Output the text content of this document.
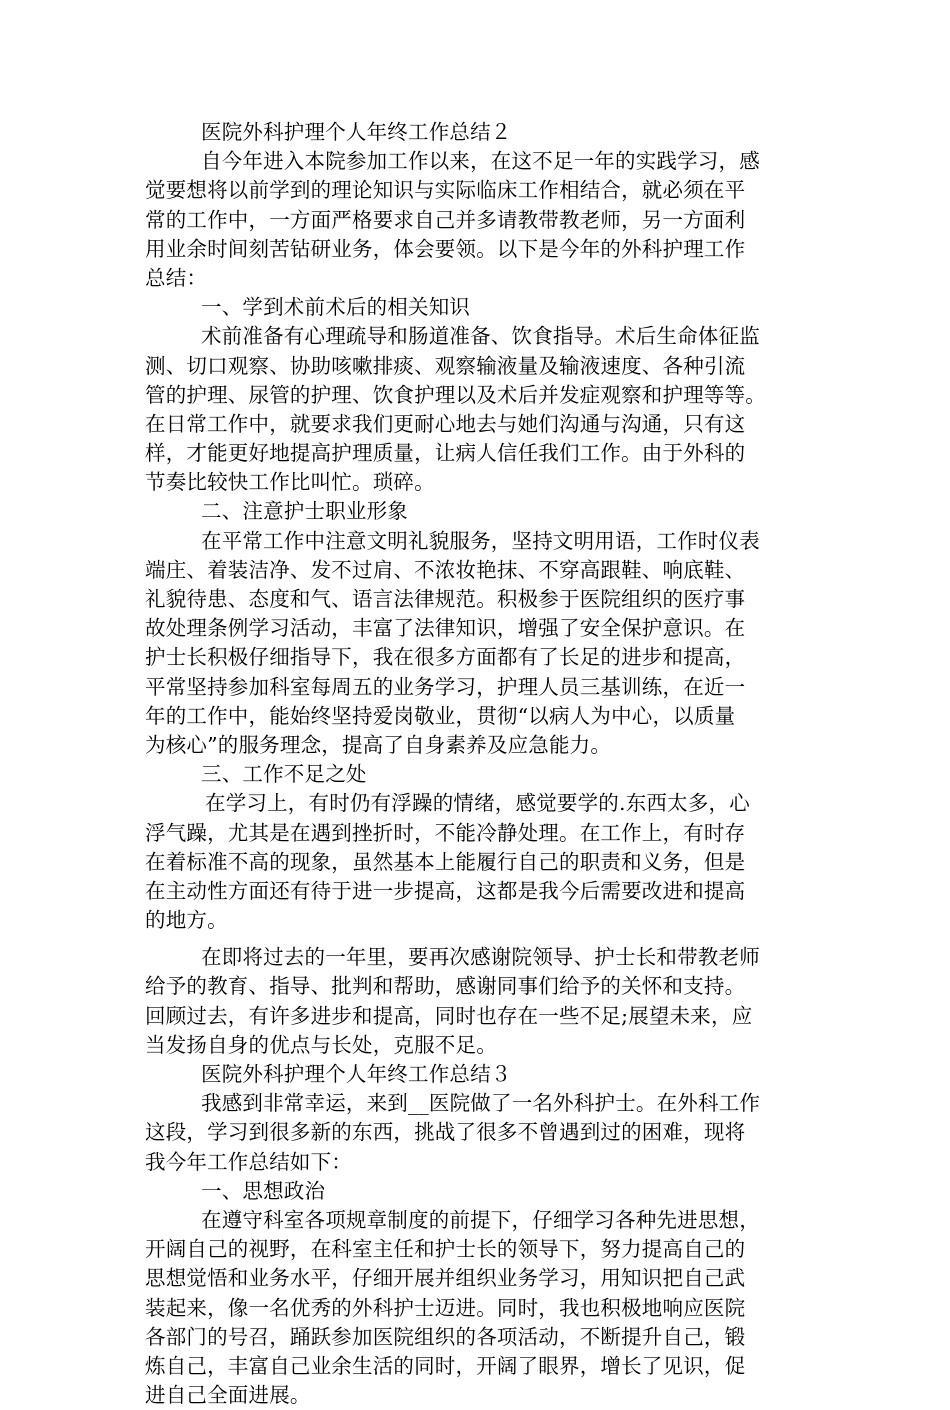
医院外科护理个人年终工作总结２
自今年进入本院参加工作以来，在这不足一年的实践学习，感
觉要想将以前学到的理论知识与实际临床工作相结合，就必须在平
常的工作中，一方面严格要求自己并多请教带教老师，另一方面利
用业余时间刻苦钻研业务，体会要领。以下是今年的外科护理工作
总结：
一、学到术前术后的相关知识
术前准备有心理疏导和肠道准备、饮食指导。术后生命体征监
测、切口观察、协助咳嗽排痰、观察输液量及输液速度、各种引流
管的护理、尿管的护理、饮食护理以及术后并发症观察和护理等等。
在日常工作中，就要求我们更耐心地去与她们沟通与沟通，只有这
样，才能更好地提高护理质量，让病人信任我们工作。由于外科的
节奏比较快工作比叫忙。琐碎。
二、注意护士职业形象
在平常工作中注意文明礼貌服务，坚持文明用语，工作时仪表
端庄、着装洁净、发不过肩、不浓妆艳抹、不穿高跟鞋、响底鞋、
礼貌待患、态度和气、语言法律规范。积极参于医院组织的医疗事
故处理条例学习活动，丰富了法律知识，增强了安全保护意识。在
护士长积极仔细指导下，我在很多方面都有了长足的进步和提高，
平常坚持参加科室每周五的业务学习，护理人员三基训练，在近一
年的工作中，能始终坚持爱岗敬业，贯彻“以病人为中心，以质量
为核心”的服务理念，提高了自身素养及应急能力。
三、工作不足之处
在学习上，有时仍有浮躁的情绪，感觉要学的.东西太多，心
浮气躁，尤其是在遇到挫折时，不能冷静处理。在工作上，有时存
在着标准不高的现象，虽然基本上能履行自己的职责和义务，但是
在主动性方面还有待于进一步提高，这都是我今后需要改进和提高
的地方。
在即将过去的一年里，要再次感谢院领导、护士长和带教老师
给予的教育、指导、批判和帮助，感谢同事们给予的关怀和支持。
回顾过去，有许多进步和提高，同时也存在一些不足;展望未来，应
当发扬自身的优点与长处，克服不足。
医院外科护理个人年终工作总结３
我感到非常幸运，来到__医院做了一名外科护士。在外科工作
这段，学习到很多新的东西，挑战了很多不曾遇到过的困难，现将
我今年工作总结如下：
一、思想政治
在遵守科室各项规章制度的前提下，仔细学习各种先进思想，
开阔自己的视野，在科室主任和护士长的领导下，努力提高自己的
思想觉悟和业务水平，仔细开展并组织业务学习，用知识把自己武
装起来，像一名优秀的外科护士迈进。同时，我也积极地响应医院
各部门的号召，踊跃参加医院组织的各项活动，不断提升自己，锻
炼自己，丰富自己业余生活的同时，开阔了眼界，增长了见识，促
进自己全面进展。
